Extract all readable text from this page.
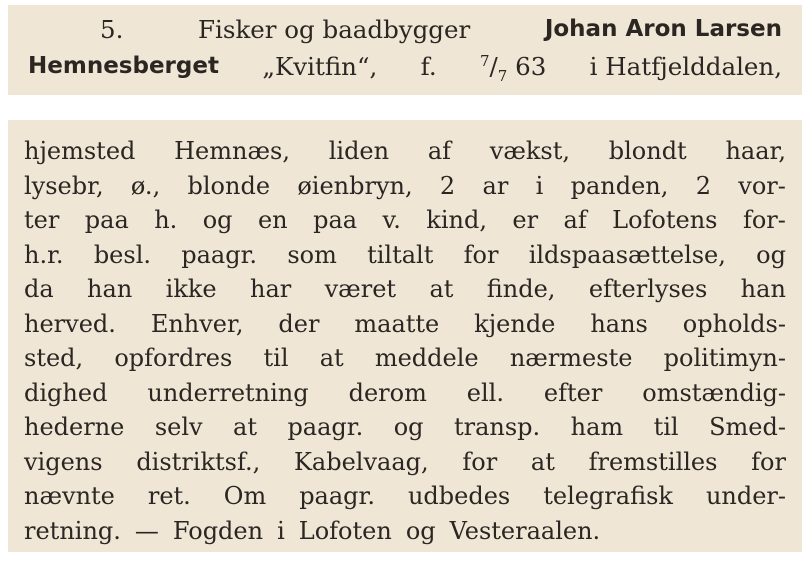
5.	Fisker og baadbygger	Johan Aron Larsen
Hemnesberget „Kvitfin“, f.	$^7/_7$ 63 i Hatfjelddalen,
hjemsted Hemnæs, liden af vækst, blondt haar,
lysebr, ø., blonde øienbryn, 2 ar i panden, 2 vor-
ter paa h. og en paa v. kind, er af Lofotens for-
h.r. besl. paagr. som tiltalt for ildspaasættelse, og
da han ikke har været at finde, efterlyses han
herved. Enhver, der maatte kjende hans opholds-
sted, opfordres til at meddele nærmeste politimyn-
dighed underretning derom ell. efter omstændig-
hederne selv at paagr. og transp. ham til Smed-
vigens distriktsf., Kabelvaag, for at fremstilles for
nævnte ret. Om paagr. udbedes telegrafisk under-
retning. — Fogden i Lofoten og Vesteraalen.
